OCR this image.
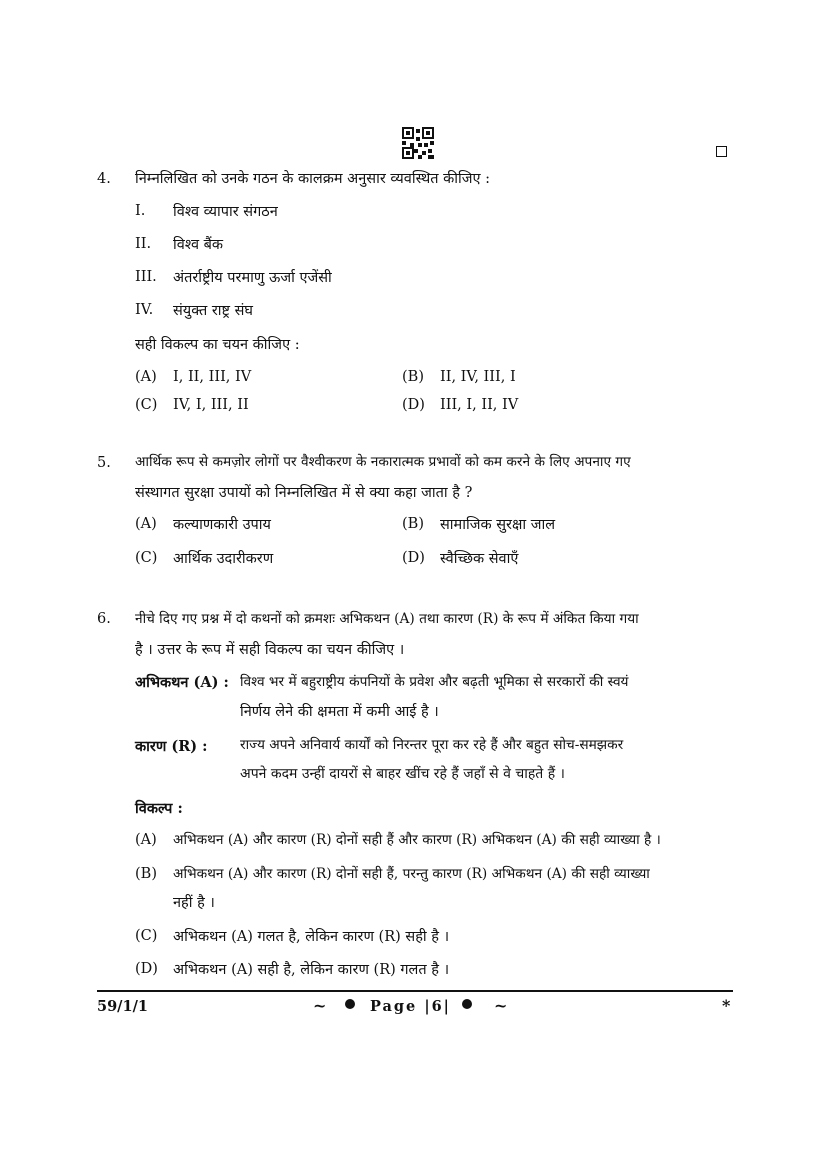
4. निम्नलिखित को उनके गठन के कालक्रम अनुसार व्यवस्थित कीजिए :
I. विश्व व्यापार संगठन
II. विश्व बैंक
III. अंतर्राष्ट्रीय परमाणु ऊर्जा एजेंसी
IV. संयुक्त राष्ट्र संघ
सही विकल्प का चयन कीजिए :
(A) I, II, III, IV	(B) II, IV, III, I
(C) IV, I, III, II	(D) III, I, II, IV
5. आर्थिक रूप से कमज़ोर लोगों पर वैश्वीकरण के नकारात्मक प्रभावों को कम करने के लिए अपनाए गए
संस्थागत सुरक्षा उपायों को निम्नलिखित में से क्या कहा जाता है ?
(A) कल्याणकारी उपाय	(B) सामाजिक सुरक्षा जाल
(C) आर्थिक उदारीकरण	(D) स्वैच्छिक सेवाएँ
6. नीचे दिए गए प्रश्न में दो कथनों को क्रमशः अभिकथन (A) तथा कारण (R) के रूप में अंकित किया गया
है । उत्तर के रूप में सही विकल्प का चयन कीजिए ।
अभिकथन (A) : विश्व भर में बहुराष्ट्रीय कंपनियों के प्रवेश और बढ़ती भूमिका से सरकारों की स्वयं
निर्णय लेने की क्षमता में कमी आई है ।
कारण (R) : राज्य अपने अनिवार्य कार्यों को निरन्तर पूरा कर रहे हैं और बहुत सोच-समझकर
अपने कदम उन्हीं दायरों से बाहर खींच रहे हैं जहाँ से वे चाहते हैं ।
विकल्प :
(A) अभिकथन (A) और कारण (R) दोनों सही हैं और कारण (R) अभिकथन (A) की सही व्याख्या है ।
(B) अभिकथन (A) और कारण (R) दोनों सही हैं, परन्तु कारण (R) अभिकथन (A) की सही व्याख्या
नहीं है ।
(C) अभिकथन (A) गलत है, लेकिन कारण (R) सही है ।
(D) अभिकथन (A) सही है, लेकिन कारण (R) गलत है ।
59/1/1	~	Page |6|	~	*
